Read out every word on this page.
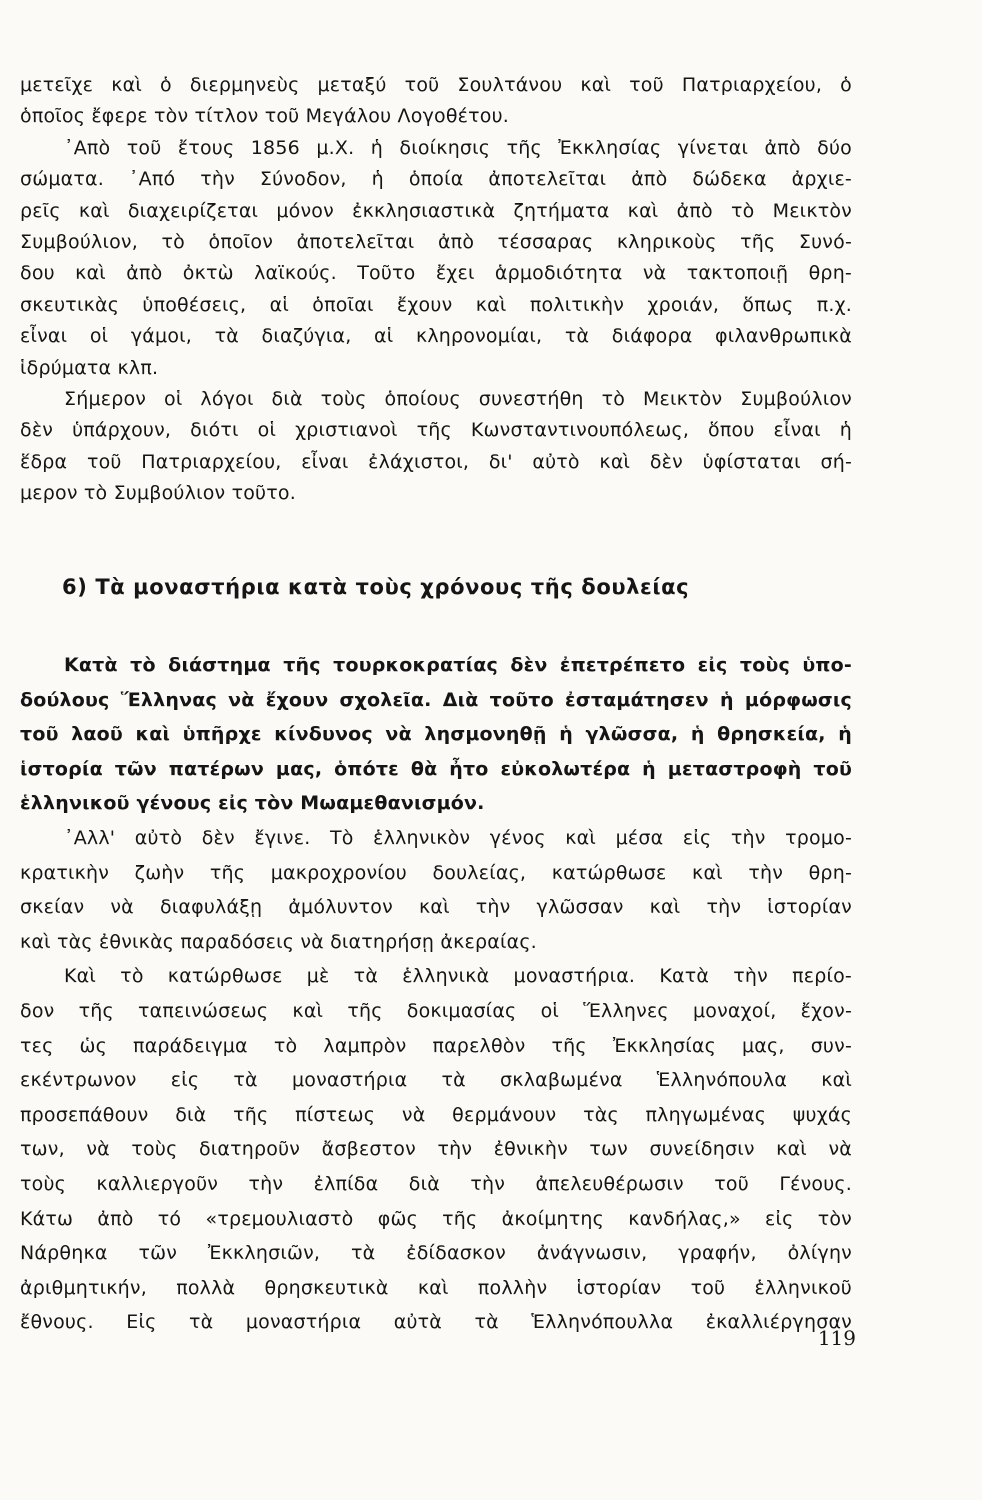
μετεῖχε καὶ ὁ διερμηνεὺς μεταξύ τοῦ Σουλτάνου καὶ τοῦ Πατριαρχείου, ὁ
ὁποῖος ἔφερε τὸν τίτλον τοῦ Μεγάλου Λογοθέτου.
᾿Απὸ τοῦ ἔτους 1856 μ.Χ. ἡ διοίκησις τῆς Ἐκκλησίας γίνεται ἀπὸ δύο
σώματα. ᾿Από τὴν Σύνοδον, ἡ ὁποία ἀποτελεῖται ἀπὸ δώδεκα ἀρχιε-
ρεῖς καὶ διαχειρίζεται μόνον ἐκκλησιαστικὰ ζητήματα καὶ ἀπὸ τὸ Μεικτὸν
Συμβούλιον, τὸ ὁποῖον ἀποτελεῖται ἀπὸ τέσσαρας κληρικοὺς τῆς Συνό-
δου καὶ ἀπὸ ὀκτὼ λαϊκούς. Τοῦτο ἔχει ἁρμοδιότητα νὰ τακτοποιῇ θρη-
σκευτικὰς ὑποθέσεις, αἱ ὁποῖαι ἔχουν καὶ πολιτικὴν χροιάν, ὅπως π.χ.
εἶναι οἱ γάμοι, τὰ διαζύγια, αἱ κληρονομίαι, τὰ διάφορα φιλανθρωπικὰ
ἱδρύματα κλπ.
Σήμερον οἱ λόγοι διὰ τοὺς ὁποίους συνεστήθη τὸ Μεικτὸν Συμβούλιον
δὲν ὑπάρχουν, διότι οἱ χριστιανοὶ τῆς Κωνσταντινουπόλεως, ὅπου εἶναι ἡ
ἕδρα τοῦ Πατριαρχείου, εἶναι ἐλάχιστοι, δι' αὐτὸ καὶ δὲν ὑφίσταται σή-
μερον τὸ Συμβούλιον τοῦτο.
6) Τὰ μοναστήρια κατὰ τοὺς χρόνους τῆς δουλείας
Κατὰ τὸ διάστημα τῆς τουρκοκρατίας δὲν ἐπετρέπετο εἰς τοὺς ὑπο-
δούλους Ἕλληνας νὰ ἔχουν σχολεῖα. Διὰ τοῦτο ἐσταμάτησεν ἡ μόρφωσις
τοῦ λαοῦ καὶ ὑπῆρχε κίνδυνος νὰ λησμονηθῇ ἡ γλῶσσα, ἡ θρησκεία, ἡ
ἱστορία τῶν πατέρων μας, ὁπότε θὰ ἦτο εὐκολωτέρα ἡ μεταστροφὴ τοῦ
ἑλληνικοῦ γένους εἰς τὸν Μωαμεθανισμόν.
᾿Αλλ' αὐτὸ δὲν ἔγινε. Τὸ ἑλληνικὸν γένος καὶ μέσα εἰς τὴν τρομο-
κρατικὴν ζωὴν τῆς μακροχρονίου δουλείας, κατώρθωσε καὶ τὴν θρη-
σκείαν νὰ διαφυλάξῃ ἀμόλυντον καὶ τὴν γλῶσσαν καὶ τὴν ἱστορίαν
καὶ τὰς ἐθνικὰς παραδόσεις νὰ διατηρήσῃ ἀκεραίας.
Καὶ τὸ κατώρθωσε μὲ τὰ ἑλληνικὰ μοναστήρια. Κατὰ τὴν περίο-
δον τῆς ταπεινώσεως καὶ τῆς δοκιμασίας οἱ Ἕλληνες μοναχοί, ἔχον-
τες ὡς παράδειγμα τὸ λαμπρὸν παρελθὸν τῆς Ἐκκλησίας μας, συν-
εκέντρωνον εἰς τὰ μοναστήρια τὰ σκλαβωμένα Ἑλληνόπουλα καὶ
προσεπάθουν διὰ τῆς πίστεως νὰ θερμάνουν τὰς πληγωμένας ψυχάς
των, νὰ τοὺς διατηροῦν ἄσβεστον τὴν ἐθνικὴν των συνείδησιν καὶ νὰ
τοὺς καλλιεργοῦν τὴν ἐλπίδα διὰ τὴν ἀπελευθέρωσιν τοῦ Γένους.
Κάτω ἀπὸ τό «τρεμουλιαστὸ φῶς τῆς ἀκοίμητης κανδήλας,» εἰς τὸν
Νάρθηκα τῶν Ἐκκλησιῶν, τὰ ἐδίδασκον ἀνάγνωσιν, γραφήν, ὀλίγην
ἀριθμητικήν, πολλὰ θρησκευτικὰ καὶ πολλὴν ἱστορίαν τοῦ ἑλληνικοῦ
ἔθνους. Εἰς τὰ μοναστήρια αὐτὰ τὰ Ἑλληνόπουλλα ἐκαλλιέργησαν
119
